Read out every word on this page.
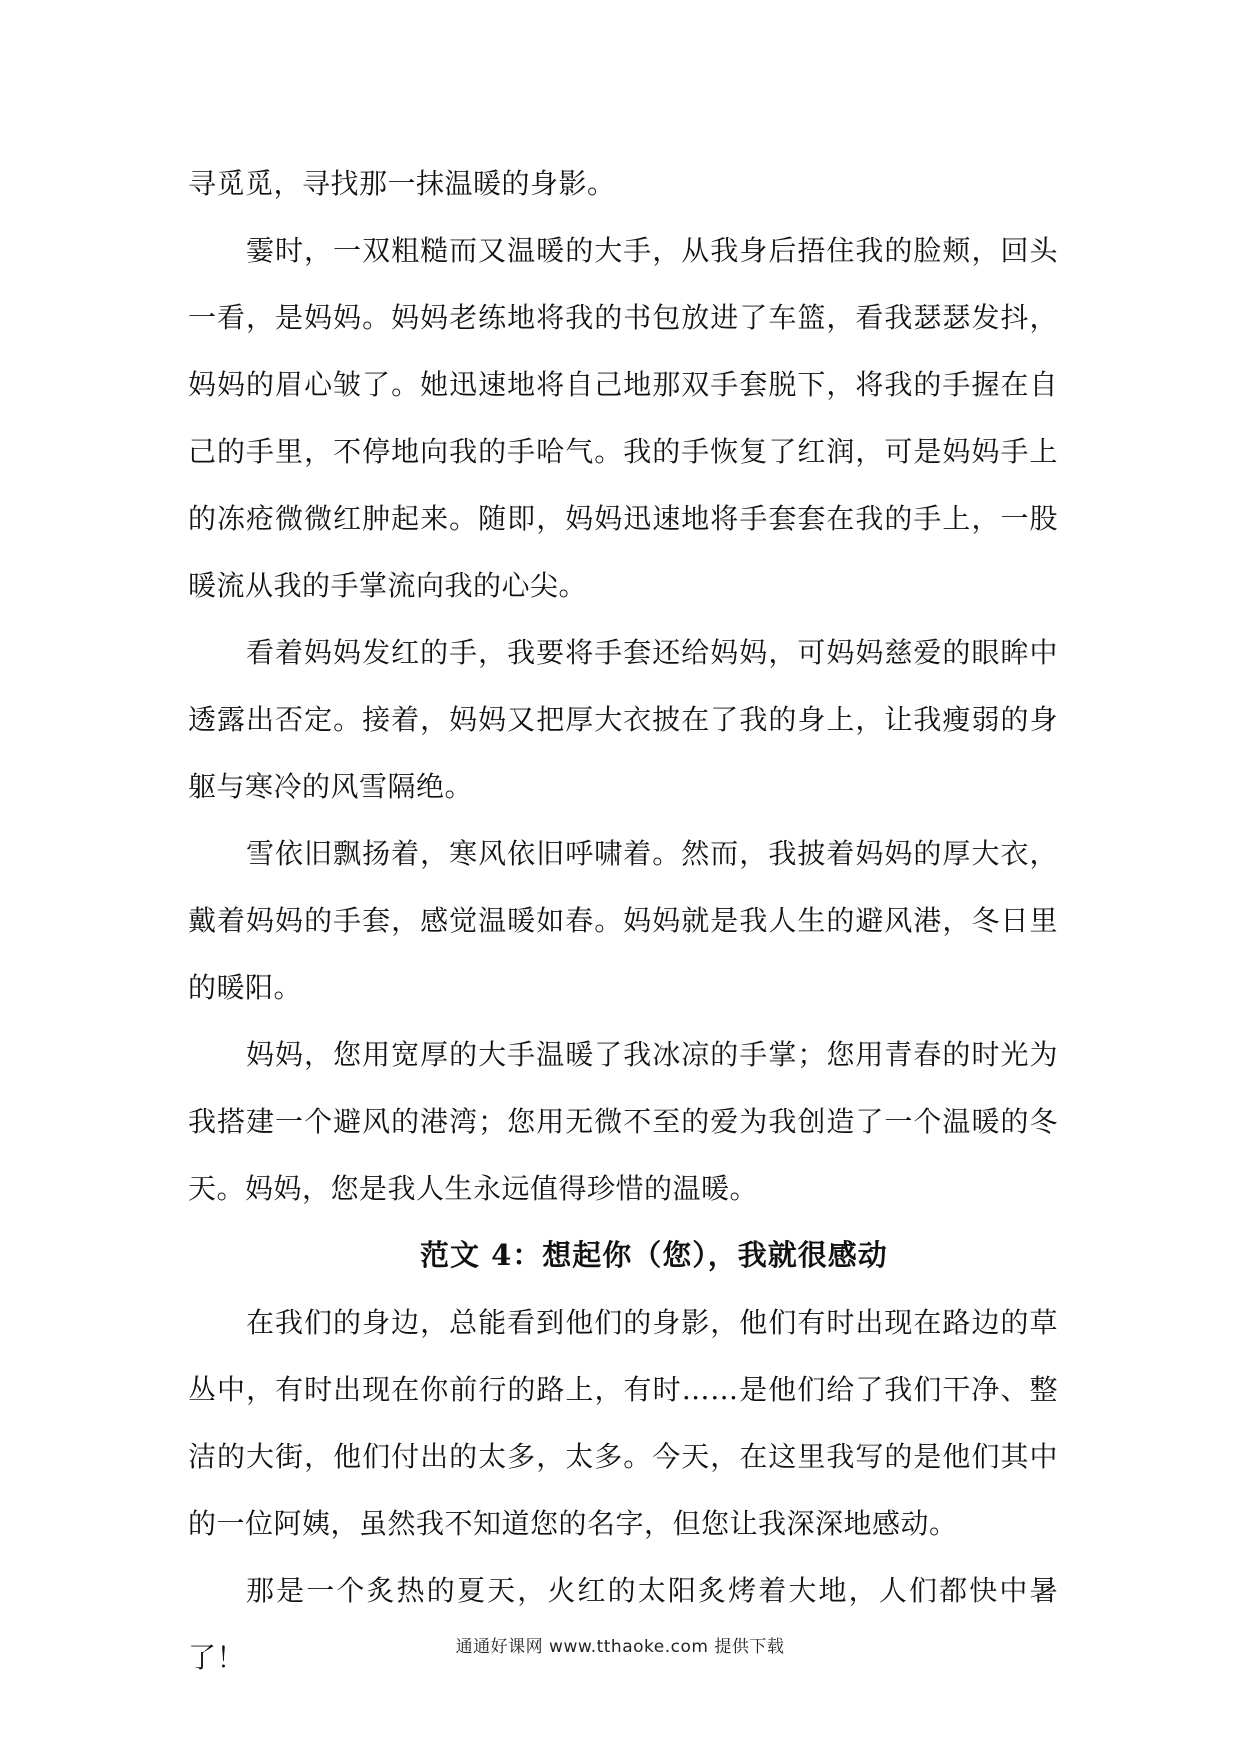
寻觅觅，寻找那一抹温暖的身影。

霎时，一双粗糙而又温暖的大手，从我身后捂住我的脸颊，回头一看，是妈妈。妈妈老练地将我的书包放进了车篮，看我瑟瑟发抖，妈妈的眉心皱了。她迅速地将自己地那双手套脱下，将我的手握在自己的手里，不停地向我的手哈气。我的手恢复了红润，可是妈妈手上的冻疮微微红肿起来。随即，妈妈迅速地将手套套在我的手上，一股暖流从我的手掌流向我的心尖。

看着妈妈发红的手，我要将手套还给妈妈，可妈妈慈爱的眼眸中透露出否定。接着，妈妈又把厚大衣披在了我的身上，让我瘦弱的身躯与寒冷的风雪隔绝。

雪依旧飘扬着，寒风依旧呼啸着。然而，我披着妈妈的厚大衣，戴着妈妈的手套，感觉温暖如春。妈妈就是我人生的避风港，冬日里的暖阳。

妈妈，您用宽厚的大手温暖了我冰凉的手掌；您用青春的时光为我搭建一个避风的港湾；您用无微不至的爱为我创造了一个温暖的冬天。妈妈，您是我人生永远值得珍惜的温暖。

范文 4：想起你（您），我就很感动

在我们的身边，总能看到他们的身影，他们有时出现在路边的草丛中，有时出现在你前行的路上，有时……是他们给了我们干净、整洁的大街，他们付出的太多，太多。今天，在这里我写的是他们其中的一位阿姨，虽然我不知道您的名字，但您让我深深地感动。

那是一个炙热的夏天，火红的太阳炙烤着大地，人们都快中暑了！	通通好课网 www.tthaoke.com 提供下载
